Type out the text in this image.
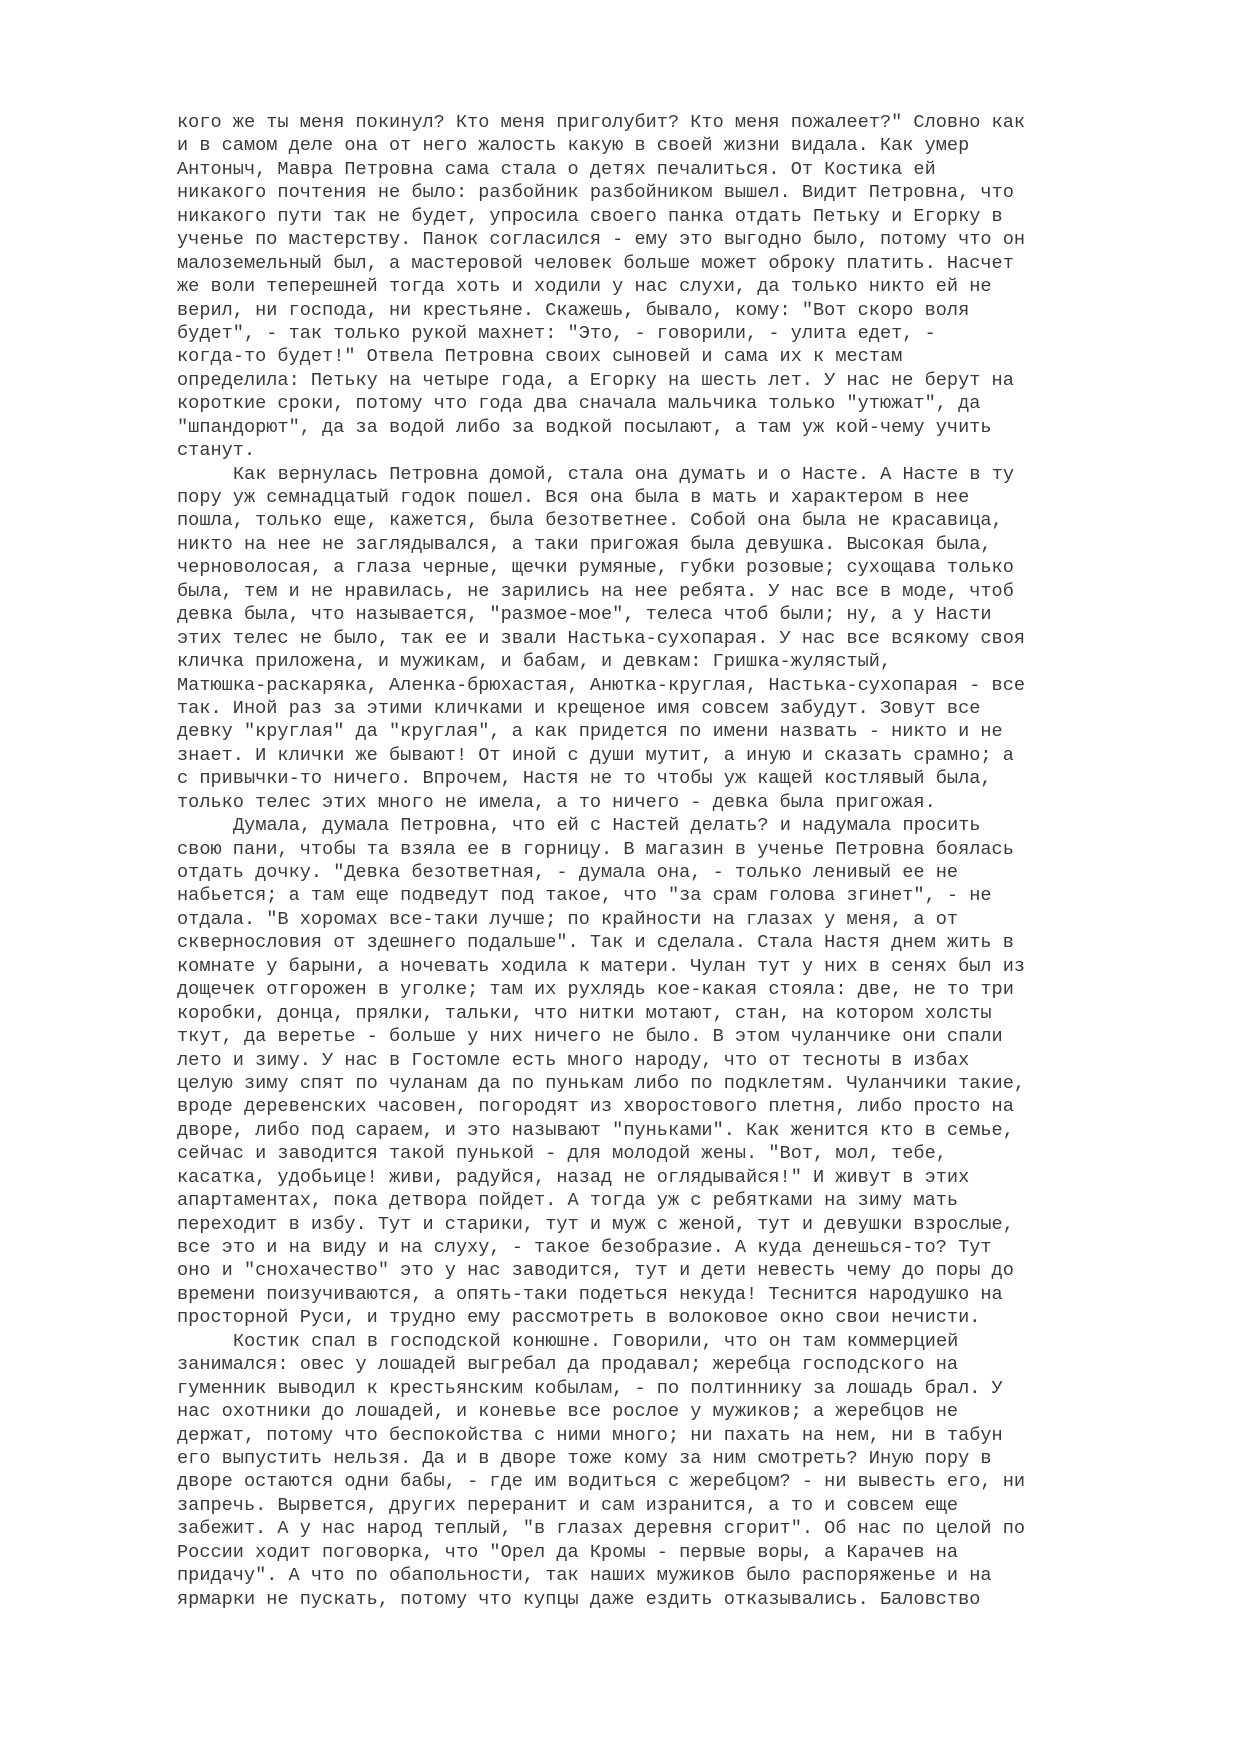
кого же ты меня покинул? Кто меня приголубит? Кто меня пожалеет?" Словно как
и в самом деле она от него жалость какую в своей жизни видала. Как умер
Антоныч, Мавра Петровна сама стала о детях печалиться. От Костика ей
никакого почтения не было: разбойник разбойником вышел. Видит Петровна, что
никакого пути так не будет, упросила своего панка отдать Петьку и Егорку в
ученье по мастерству. Панок согласился - ему это выгодно было, потому что он
малоземельный был, а мастеровой человек больше может оброку платить. Насчет
же воли теперешней тогда хоть и ходили у нас слухи, да только никто ей не
верил, ни господа, ни крестьяне. Скажешь, бывало, кому: "Вот скоро воля
будет", - так только рукой махнет: "Это, - говорили, - улита едет, -
когда-то будет!" Отвела Петровна своих сыновей и сама их к местам
определила: Петьку на четыре года, а Егорку на шесть лет. У нас не берут на
короткие сроки, потому что года два сначала мальчика только "утюжат", да
"шпандорют", да за водой либо за водкой посылают, а там уж кой-чему учить
станут.
Как вернулась Петровна домой, стала она думать и о Насте. А Насте в ту
пору уж семнадцатый годок пошел. Вся она была в мать и характером в нее
пошла, только еще, кажется, была безответнее. Собой она была не красавица,
никто на нее не заглядывался, а таки пригожая была девушка. Высокая была,
черноволосая, а глаза черные, щечки румяные, губки розовые; сухощава только
была, тем и не нравилась, не зарились на нее ребята. У нас все в моде, чтоб
девка была, что называется, "размое-мое", телеса чтоб были; ну, а у Насти
этих телес не было, так ее и звали Настька-сухопарая. У нас все всякому своя
кличка приложена, и мужикам, и бабам, и девкам: Гришка-жулястый,
Матюшка-раскаряка, Аленка-брюхастая, Анютка-круглая, Настька-сухопарая - все
так. Иной раз за этими кличками и крещеное имя совсем забудут. Зовут все
девку "круглая" да "круглая", а как придется по имени назвать - никто и не
знает. И клички же бывают! От иной с души мутит, а иную и сказать срамно; а
с привычки-то ничего. Впрочем, Настя не то чтобы уж кащей костлявый была,
только телес этих много не имела, а то ничего - девка была пригожая.
Думала, думала Петровна, что ей с Настей делать? и надумала просить
свою пани, чтобы та взяла ее в горницу. В магазин в ученье Петровна боялась
отдать дочку. "Девка безответная, - думала она, - только ленивый ее не
набьется; а там еще подведут под такое, что "за срам голова згинет", - не
отдала. "В хоромах все-таки лучше; по крайности на глазах у меня, а от
сквернословия от здешнего подальше". Так и сделала. Стала Настя днем жить в
комнате у барыни, а ночевать ходила к матери. Чулан тут у них в сенях был из
дощечек отгорожен в уголке; там их рухлядь кое-какая стояла: две, не то три
коробки, донца, прялки, тальки, что нитки мотают, стан, на котором холсты
ткут, да веретье - больше у них ничего не было. В этом чуланчике они спали
лето и зиму. У нас в Гостомле есть много народу, что от тесноты в избах
целую зиму спят по чуланам да по пунькам либо по подклетям. Чуланчики такие,
вроде деревенских часовен, погородят из хворостового плетня, либо просто на
дворе, либо под сараем, и это называют "пуньками". Как женится кто в семье,
сейчас и заводится такой пунькой - для молодой жены. "Вот, мол, тебе,
касатка, удобьице! живи, радуйся, назад не оглядывайся!" И живут в этих
апартаментах, пока детвора пойдет. А тогда уж с ребятками на зиму мать
переходит в избу. Тут и старики, тут и муж с женой, тут и девушки взрослые,
все это и на виду и на слуху, - такое безобразие. А куда денешься-то? Тут
оно и "снохачество" это у нас заводится, тут и дети невесть чему до поры до
времени поизучиваются, а опять-таки подеться некуда! Теснится народушко на
просторной Руси, и трудно ему рассмотреть в волоковое окно свои нечисти.
Костик спал в господской конюшне. Говорили, что он там коммерцией
занимался: овес у лошадей выгребал да продавал; жеребца господского на
гуменник выводил к крестьянским кобылам, - по полтиннику за лошадь брал. У
нас охотники до лошадей, и коневье все рослое у мужиков; а жеребцов не
держат, потому что беспокойства с ними много; ни пахать на нем, ни в табун
его выпустить нельзя. Да и в дворе тоже кому за ним смотреть? Иную пору в
дворе остаются одни бабы, - где им водиться с жеребцом? - ни вывесть его, ни
запречь. Вырвется, других переранит и сам изранится, а то и совсем еще
забежит. А у нас народ теплый, "в глазах деревня сгорит". Об нас по целой по
России ходит поговорка, что "Орел да Кромы - первые воры, а Карачев на
придачу". А что по обапольности, так наших мужиков было распоряженье и на
ярмарки не пускать, потому что купцы даже ездить отказывались. Баловство
